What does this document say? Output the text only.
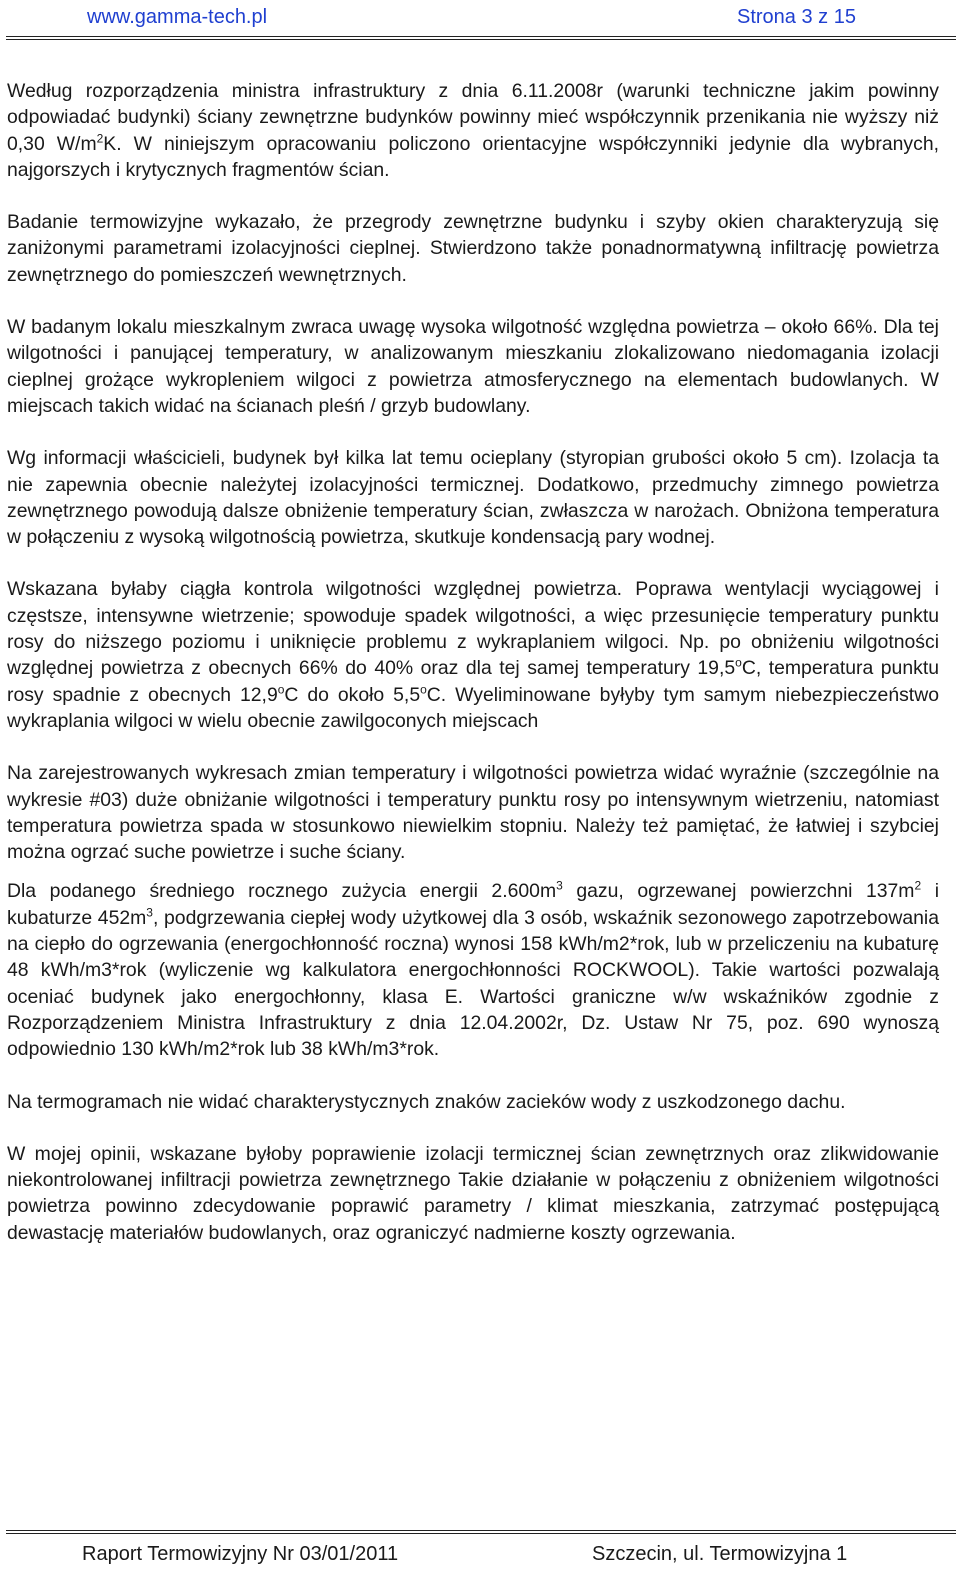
www.gamma-tech.pl	Strona 3 z 15

Według rozporządzenia ministra infrastruktury z dnia 6.11.2008r (warunki techniczne jakim powinny odpowiadać budynki) ściany zewnętrzne budynków powinny mieć współczynnik przenikania nie wyższy niż 0,30 $W/m^2K$. W niniejszym opracowaniu policzono orientacyjne współczynniki jedynie dla wybranych, najgorszych i krytycznych fragmentów ścian.

Badanie termowizyjne wykazało, że przegrody zewnętrzne budynku i szyby okien charakteryzują się zaniżonymi parametrami izolacyjności cieplnej. Stwierdzono także ponadnormatywną infiltrację powietrza zewnętrznego do pomieszczeń wewnętrznych.

W badanym lokalu mieszkalnym zwraca uwagę wysoka wilgotność względna powietrza – około 66%. Dla tej wilgotności i panującej temperatury, w analizowanym mieszkaniu zlokalizowano niedomagania izolacji cieplnej grożące wykropleniem wilgoci z powietrza atmosferycznego na elementach budowlanych. W miejscach takich widać na ścianach pleśń / grzyb budowlany.

Wg informacji właścicieli, budynek był kilka lat temu ocieplany (styropian grubości około 5 cm). Izolacja ta nie zapewnia obecnie należytej izolacyjności termicznej. Dodatkowo, przedmuchy zimnego powietrza zewnętrznego powodują dalsze obniżenie temperatury ścian, zwłaszcza w narożach. Obniżona temperatura w połączeniu z wysoką wilgotnością powietrza, skutkuje kondensacją pary wodnej.

Wskazana byłaby ciągła kontrola wilgotności względnej powietrza. Poprawa wentylacji wyciągowej i częstsze, intensywne wietrzenie; spowoduje spadek wilgotności, a więc przesunięcie temperatury punktu rosy do niższego poziomu i uniknięcie problemu z wykraplaniem wilgoci. Np. po obniżeniu wilgotności względnej powietrza z obecnych 66% do 40% oraz dla tej samej temperatury 19,5$^o$C, temperatura punktu rosy spadnie z obecnych 12,9$^o$C do około 5,5$^o$C. Wyeliminowane byłyby tym samym niebezpieczeństwo wykraplania wilgoci w wielu obecnie zawilgoconych miejscach

Na zarejestrowanych wykresach zmian temperatury i wilgotności powietrza widać wyraźnie (szczególnie na wykresie #03) duże obniżanie wilgotności i temperatury punktu rosy po intensywnym wietrzeniu, natomiast temperatura powietrza spada w stosunkowo niewielkim stopniu. Należy też pamiętać, że łatwiej i szybciej można ogrzać suche powietrze i suche ściany.

Dla podanego średniego rocznego zużycia energii $2.600m^3$ gazu, ogrzewanej powierzchni $137m^2$ i kubaturze $452m^3$, podgrzewania ciepłej wody użytkowej dla 3 osób, wskaźnik sezonowego zapotrzebowania na ciepło do ogrzewania (energochłonność roczna) wynosi 158 kWh/m2*rok, lub w przeliczeniu na kubaturę 48 kWh/m3*rok (wyliczenie wg kalkulatora energochłonności ROCKWOOL). Takie wartości pozwalają oceniać budynek jako energochłonny, klasa E. Wartości graniczne w/w wskaźników zgodnie z Rozporządzeniem Ministra Infrastruktury z dnia 12.04.2002r, Dz. Ustaw Nr 75, poz. 690 wynoszą odpowiednio 130 kWh/m2*rok lub 38 kWh/m3*rok.

Na termogramach nie widać charakterystycznych znaków zacieków wody z uszkodzonego dachu.

W mojej opinii, wskazane byłoby poprawienie izolacji termicznej ścian zewnętrznych oraz zlikwidowanie niekontrolowanej infiltracji powietrza zewnętrznego Takie działanie w połączeniu z obniżeniem wilgotności powietrza powinno zdecydowanie poprawić parametry / klimat mieszkania, zatrzymać postępującą dewastację materiałów budowlanych, oraz ograniczyć nadmierne koszty ogrzewania.

Raport Termowizyjny Nr 03/01/2011	Szczecin, ul. Termowizyjna 1
